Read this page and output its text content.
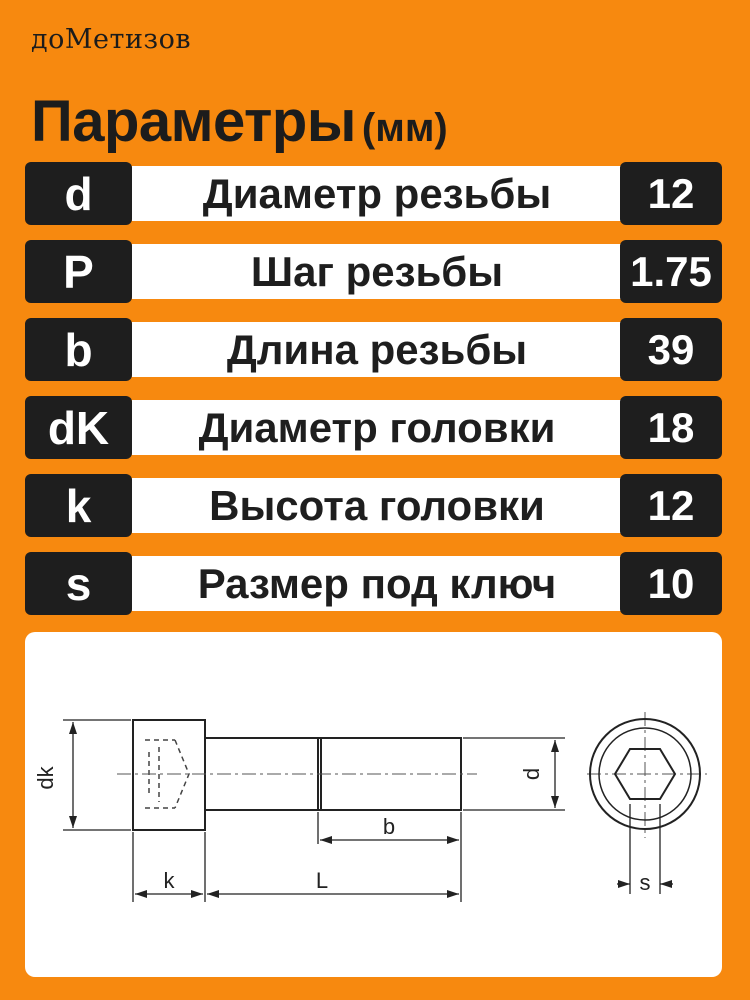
доМетизов
Параметры (мм)
d	Диаметр резьбы	12
P	Шаг резьбы	1.75
b	Длина резьбы	39
dK	Диаметр головки	18
k	Высота головки	12
s	Размер под ключ	10
dk	d
b
k	L	s
